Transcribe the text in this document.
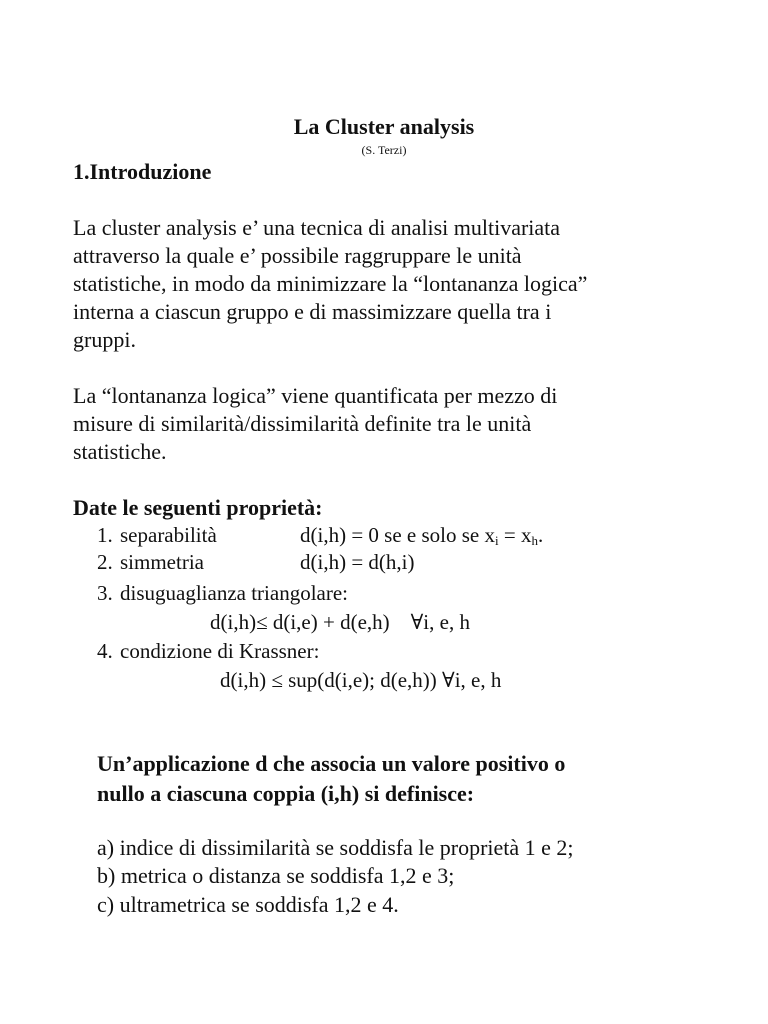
La Cluster analysis
(S. Terzi)
1.Introduzione
La cluster analysis e’ una tecnica di analisi multivariata
attraverso la quale e’ possibile raggruppare le unità
statistiche, in modo da minimizzare la “lontananza logica”
interna a ciascun gruppo e di massimizzare quella tra i
gruppi.
La “lontananza logica” viene quantificata per mezzo di
misure di similarità/dissimilarità definite tra le unità
statistiche.
Date le seguenti proprietà:
1. separabilità	d(i,h) = 0 se e solo se $x_i = x_h$.
2. simmetria	d(i,h) = d(h,i)
3. disuguaglianza triangolare:
d(i,h)≤ d(i,e) + d(e,h)    ∀i, e, h
4. condizione di Krassner:
d(i,h) ≤ sup(d(i,e); d(e,h)) ∀i, e, h
Un’applicazione d che associa un valore positivo o
nullo a ciascuna coppia (i,h) si definisce:
a) indice di dissimilarità se soddisfa le proprietà 1 e 2;
b) metrica o distanza se soddisfa 1,2 e 3;
c) ultrametrica se soddisfa 1,2 e 4.
